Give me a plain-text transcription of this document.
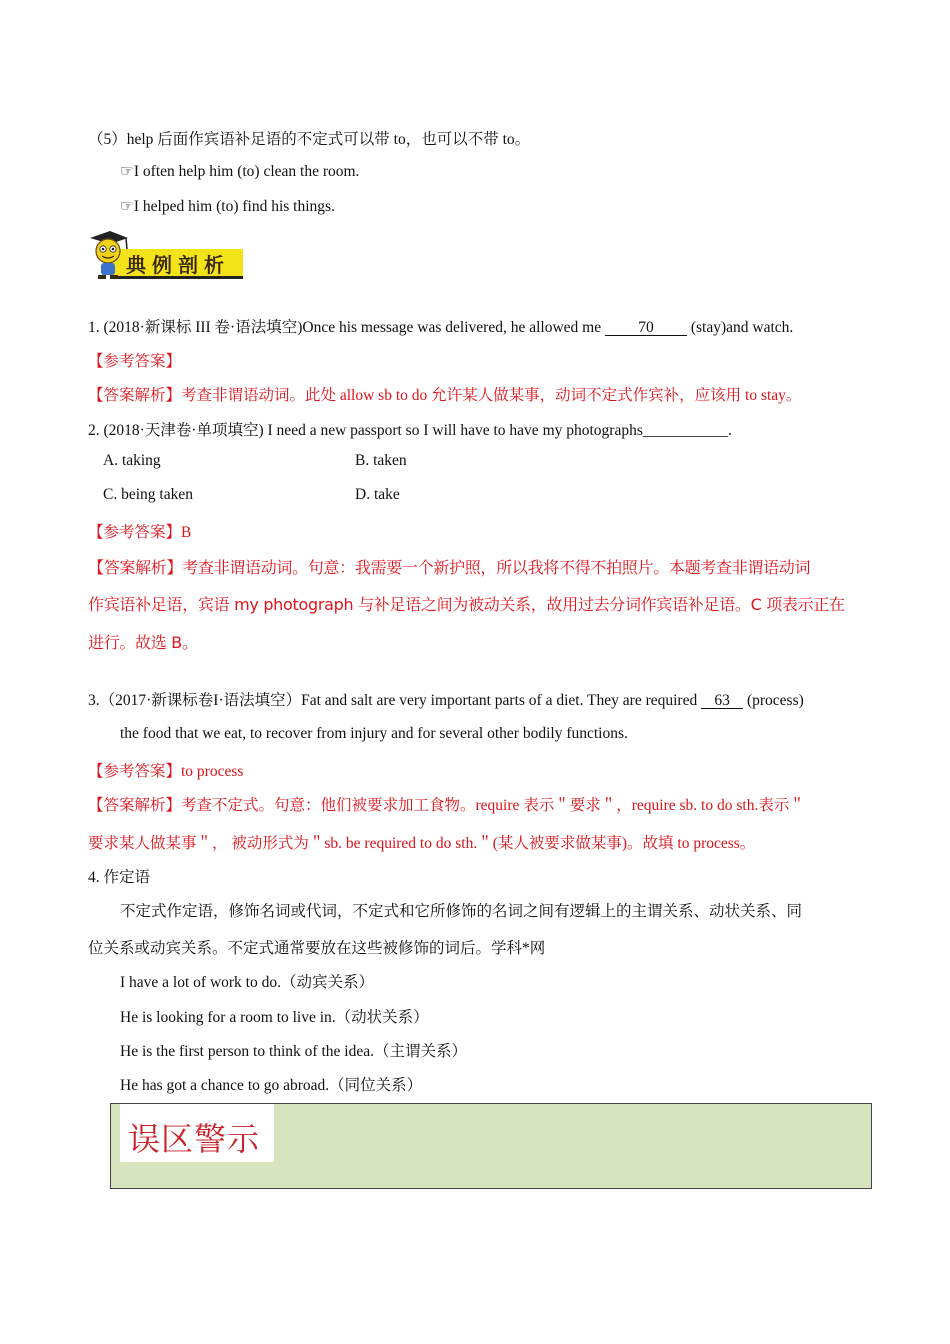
（5）help 后面作宾语补足语的不定式可以带 to，也可以不带 to。
☞I often help him (to) clean the room.
☞I helped him (to) find his things.
典例剖析
1. (2018·新课标 III 卷·语法填空)Once his message was delivered, he allowed me 70 (stay)and watch.
【参考答案】
【答案解析】考查非谓语动词。此处 allow sb to do 允许某人做某事，动词不定式作宾补，应该用 to stay。
2. (2018·天津卷·单项填空) I need a new passport so I will have to have my photographs___________.
A. taking	B. taken
C. being taken	D. take
【参考答案】B
【答案解析】考查非谓语动词。句意：我需要一个新护照，所以我将不得不拍照片。本题考查非谓语动词
作宾语补足语，宾语 my photograph 与补足语之间为被动关系，故用过去分词作宾语补足语。C 项表示正在
进行。故选 B。
3.（2017·新课标卷I·语法填空）Fat and salt are very important parts of a diet. They are required 63 (process)
the food that we eat, to recover from injury and for several other bodily functions.
【参考答案】to process
【答案解析】考查不定式。句意：他们被要求加工食物。require 表示＂要求＂，require sb. to do sth.表示＂
要求某人做某事＂， 被动形式为＂sb. be required to do sth.＂(某人被要求做某事)。故填 to process。
4. 作定语
不定式作定语，修饰名词或代词，不定式和它所修饰的名词之间有逻辑上的主谓关系、动状关系、同
位关系或动宾关系。不定式通常要放在这些被修饰的词后。学科*网
I have a lot of work to do.（动宾关系）
He is looking for a room to live in.（动状关系）
He is the first person to think of the idea.（主谓关系）
He has got a chance to go abroad.（同位关系）
误区警示
